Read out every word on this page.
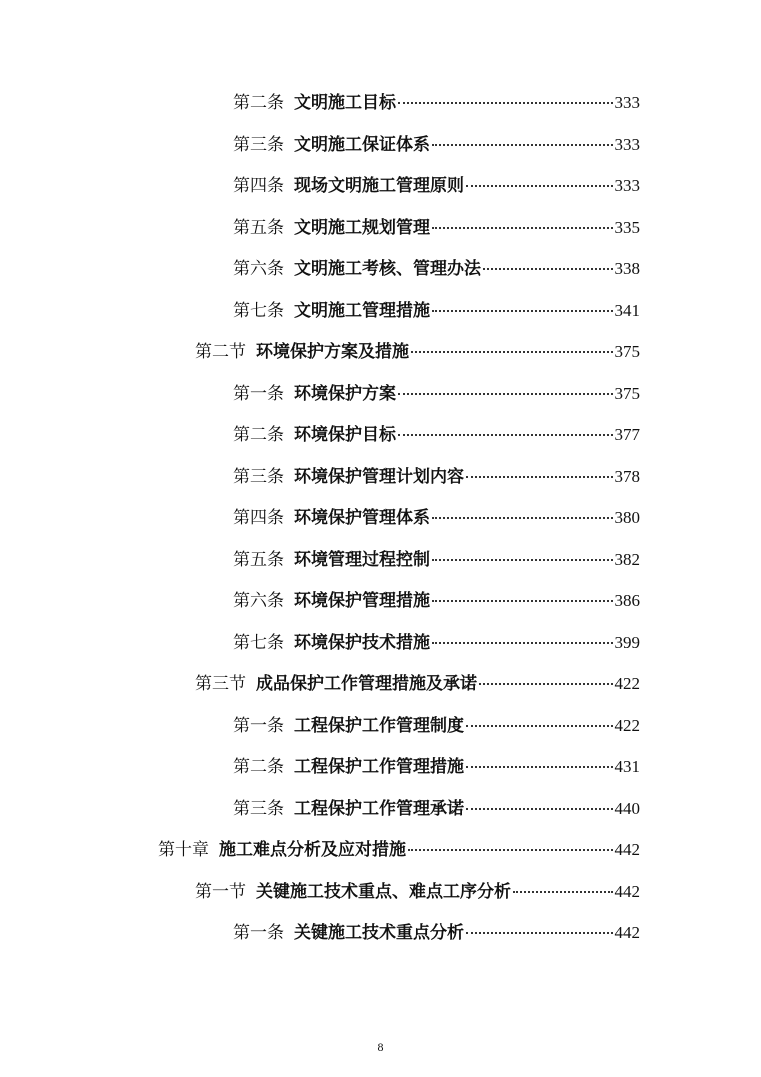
第二条 文明施工目标	333
第三条 文明施工保证体系	333
第四条 现场文明施工管理原则	333
第五条 文明施工规划管理	335
第六条 文明施工考核、管理办法	338
第七条 文明施工管理措施	341
第二节 环境保护方案及措施	375
第一条 环境保护方案	375
第二条 环境保护目标	377
第三条 环境保护管理计划内容	378
第四条 环境保护管理体系	380
第五条 环境管理过程控制	382
第六条 环境保护管理措施	386
第七条 环境保护技术措施	399
第三节 成品保护工作管理措施及承诺	422
第一条 工程保护工作管理制度	422
第二条 工程保护工作管理措施	431
第三条 工程保护工作管理承诺	440
第十章 施工难点分析及应对措施	442
第一节 关键施工技术重点、难点工序分析	442
第一条 关键施工技术重点分析	442
8
